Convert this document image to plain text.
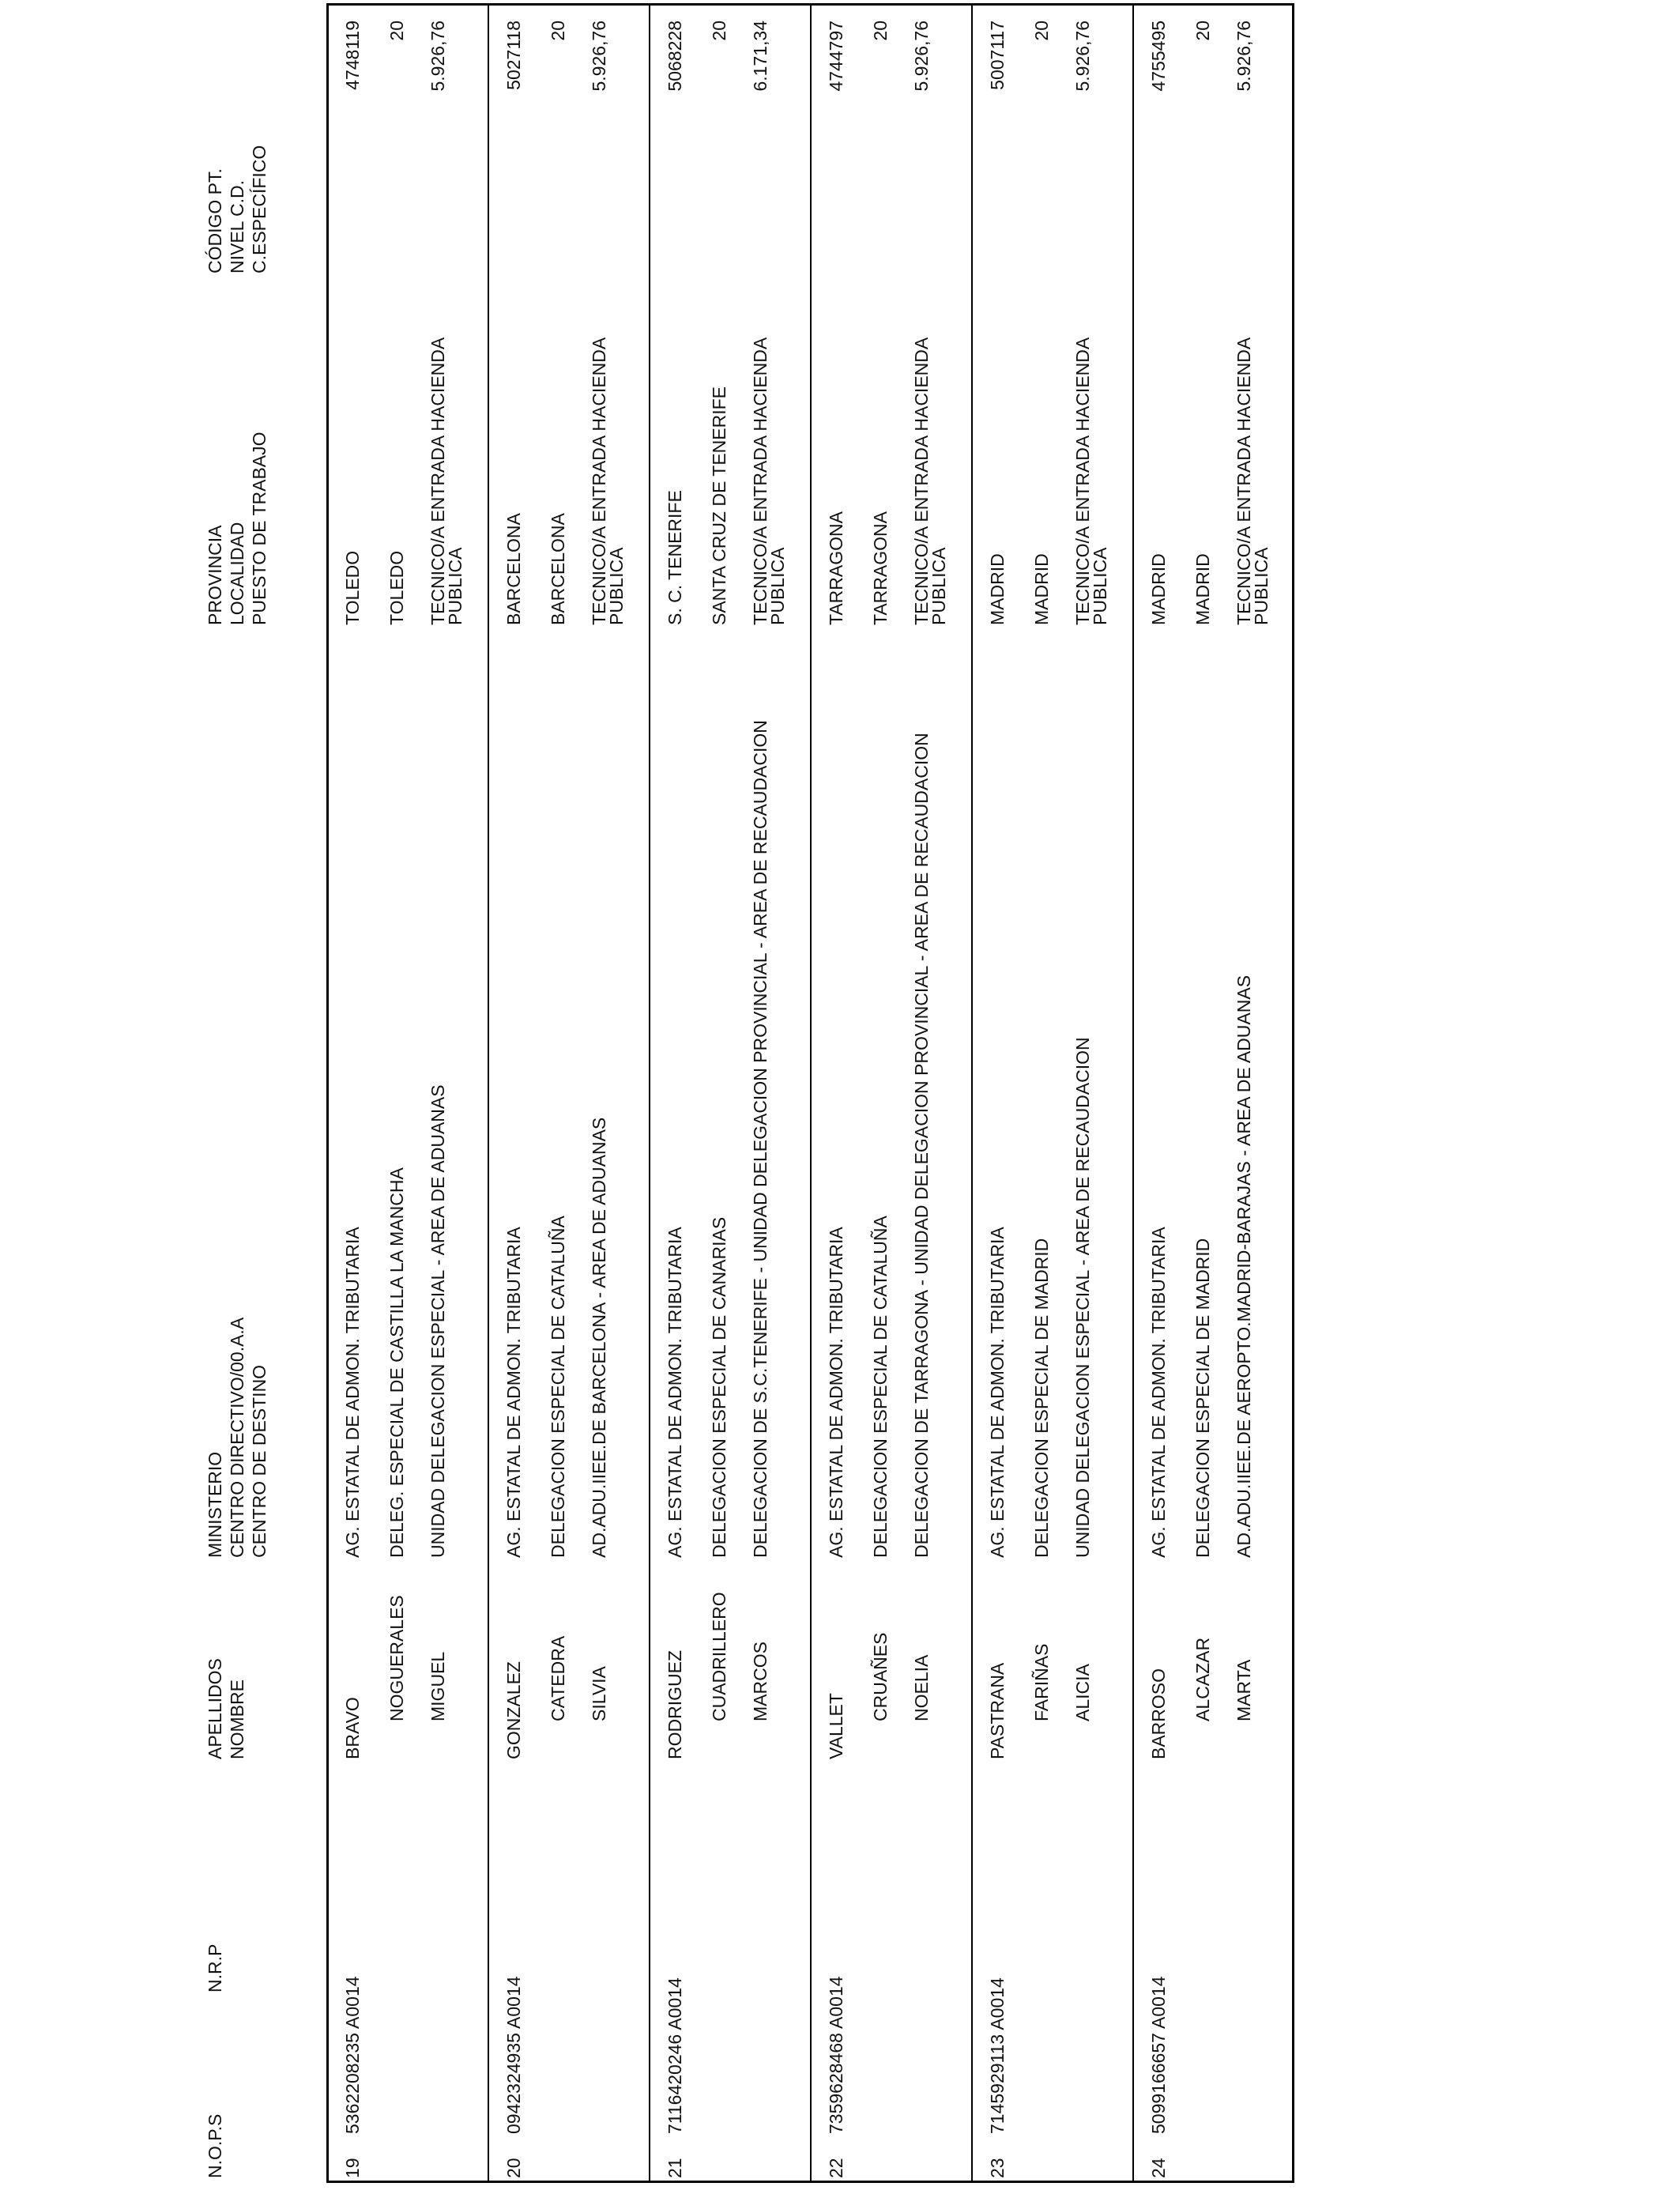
N.O.P.S
N.R.P
APELLIDOS
NOMBRE
MINISTERIO
CENTRO DIRECTIVO/00.A.A
CENTRO DE DESTINO
PROVINCIA
LOCALIDAD
PUESTO DE TRABAJO
CÓDIGO PT.
NIVEL C.D.
C.ESPECÍFICO
19
5362208235 A0014
BRAVO
NOGUERALES MIGUEL
AG. ESTATAL DE ADMON. TRIBUTARIA DELEG. ESPECIAL DE CASTILLA LA MANCHA UNIDAD DELEGACION ESPECIAL - AREA DE ADUANAS
TOLEDO TOLEDO TECNICO/A ENTRADA HACIENDA PUBLICA
4748119 20 5.926,76
20
0942324935 A0014
GONZALEZ CATEDRA SILVIA
AG. ESTATAL DE ADMON. TRIBUTARIA DELEGACION ESPECIAL DE CATALUÑA AD.ADU.IIEE.DE BARCELONA - AREA DE ADUANAS
BARCELONA BARCELONA TECNICO/A ENTRADA HACIENDA PUBLICA
5027118 20 5.926,76
21
7116420246 A0014
RODRIGUEZ CUADRILLERO MARCOS
AG. ESTATAL DE ADMON. TRIBUTARIA DELEGACION ESPECIAL DE CANARIAS DELEGACION DE S.C.TENERIFE - UNIDAD DELEGACION PROVINCIAL - AREA DE RECAUDACION
S. C. TENERIFE SANTA CRUZ DE TENERIFE TECNICO/A ENTRADA HACIENDA PUBLICA
5068228 20 6.171,34
22
7359628468 A0014
VALLET
CRUAÑES NOELIA
AG. ESTATAL DE ADMON. TRIBUTARIA DELEGACION ESPECIAL DE CATALUÑA DELEGACION DE TARRAGONA - UNIDAD DELEGACION PROVINCIAL - AREA DE RECAUDACION
TARRAGONA TARRAGONA TECNICO/A ENTRADA HACIENDA PUBLICA
4744797 20 5.926,76
23
7145929113 A0014
PASTRANA FARIÑAS ALICIA
AG. ESTATAL DE ADMON. TRIBUTARIA DELEGACION ESPECIAL DE MADRID UNIDAD DELEGACION ESPECIAL - AREA DE RECAUDACION
MADRID MADRID TECNICO/A ENTRADA HACIENDA PUBLICA
5007117 20 5.926,76
24
5099166657 A0014
BARROSO ALCAZAR MARTA
AG. ESTATAL DE ADMON. TRIBUTARIA DELEGACION ESPECIAL DE MADRID AD.ADU.IIEE.DE AEROPTO.MADRID-BARAJAS - AREA DE ADUANAS
MADRID MADRID TECNICO/A ENTRADA HACIENDA PUBLICA
4755495 20 5.926,76
